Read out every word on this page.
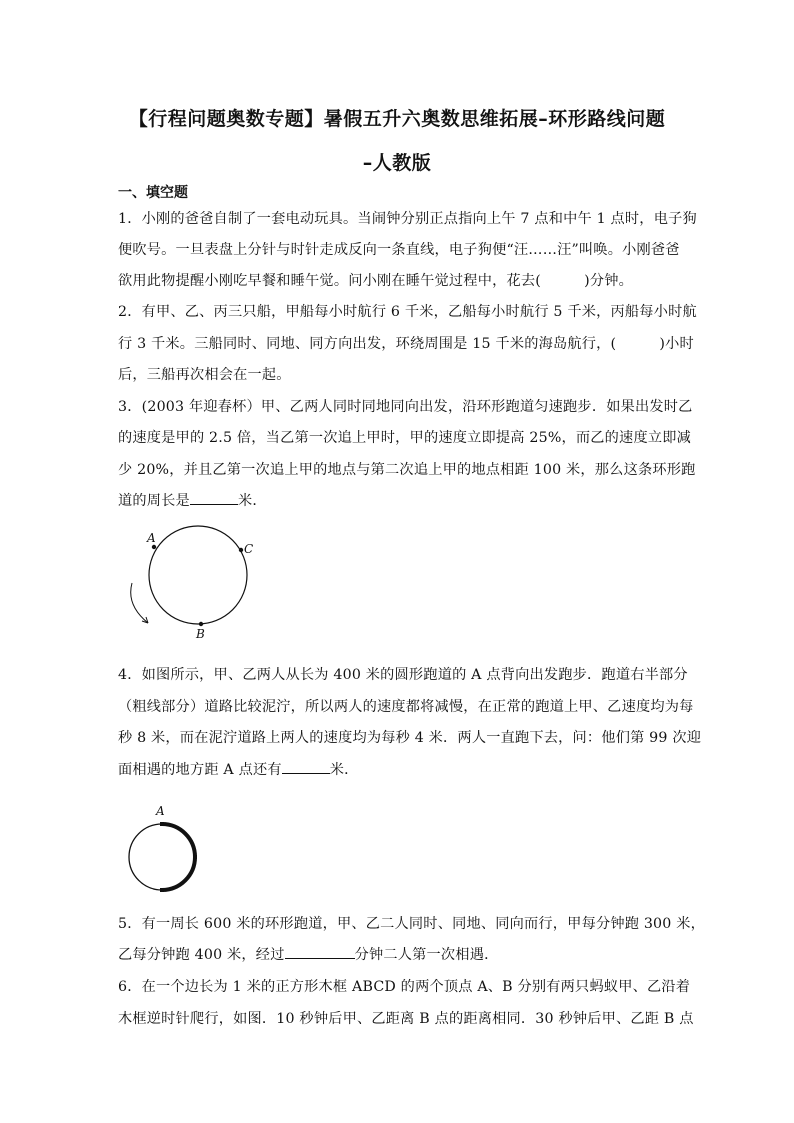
【行程问题奥数专题】暑假五升六奥数思维拓展–环形路线问题
–人教版
一、填空题
1．小刚的爸爸自制了一套电动玩具。当闹钟分别正点指向上午 7 点和中午 1 点时，电子狗
便吹号。一旦表盘上分针与时针走成反向一条直线，电子狗便“汪……汪”叫唤。小刚爸爸
欲用此物提醒小刚吃早餐和睡午觉。问小刚在睡午觉过程中，花去(　　　)分钟。
2．有甲、乙、丙三只船，甲船每小时航行 6 千米，乙船每小时航行 5 千米，丙船每小时航
行 3 千米。三船同时、同地、同方向出发，环绕周围是 15 千米的海岛航行，(　　　)小时
后，三船再次相会在一起。
3．(2003 年迎春杯）甲、乙两人同时同地同向出发，沿环形跑道匀速跑步．如果出发时乙
的速度是甲的 2.5 倍，当乙第一次追上甲时，甲的速度立即提高 25%，而乙的速度立即减
少 20%，并且乙第一次追上甲的地点与第二次追上甲的地点相距 100 米，那么这条环形跑
道的周长是	米．
A
C
B
4．如图所示，甲、乙两人从长为 400 米的圆形跑道的 A 点背向出发跑步．跑道右半部分
（粗线部分）道路比较泥泞，所以两人的速度都将减慢，在正常的跑道上甲、乙速度均为每
秒 8 米，而在泥泞道路上两人的速度均为每秒 4 米．两人一直跑下去，问：他们第 99 次迎
面相遇的地方距 A 点还有	米．
A
5．有一周长 600 米的环形跑道，甲、乙二人同时、同地、同向而行，甲每分钟跑 300 米，
乙每分钟跑 400 米，经过	分钟二人第一次相遇．
6．在一个边长为 1 米的正方形木框 ABCD 的两个顶点 A、B 分别有两只蚂蚁甲、乙沿着
木框逆时针爬行，如图．10 秒钟后甲、乙距离 B 点的距离相同．30 秒钟后甲、乙距 B 点
